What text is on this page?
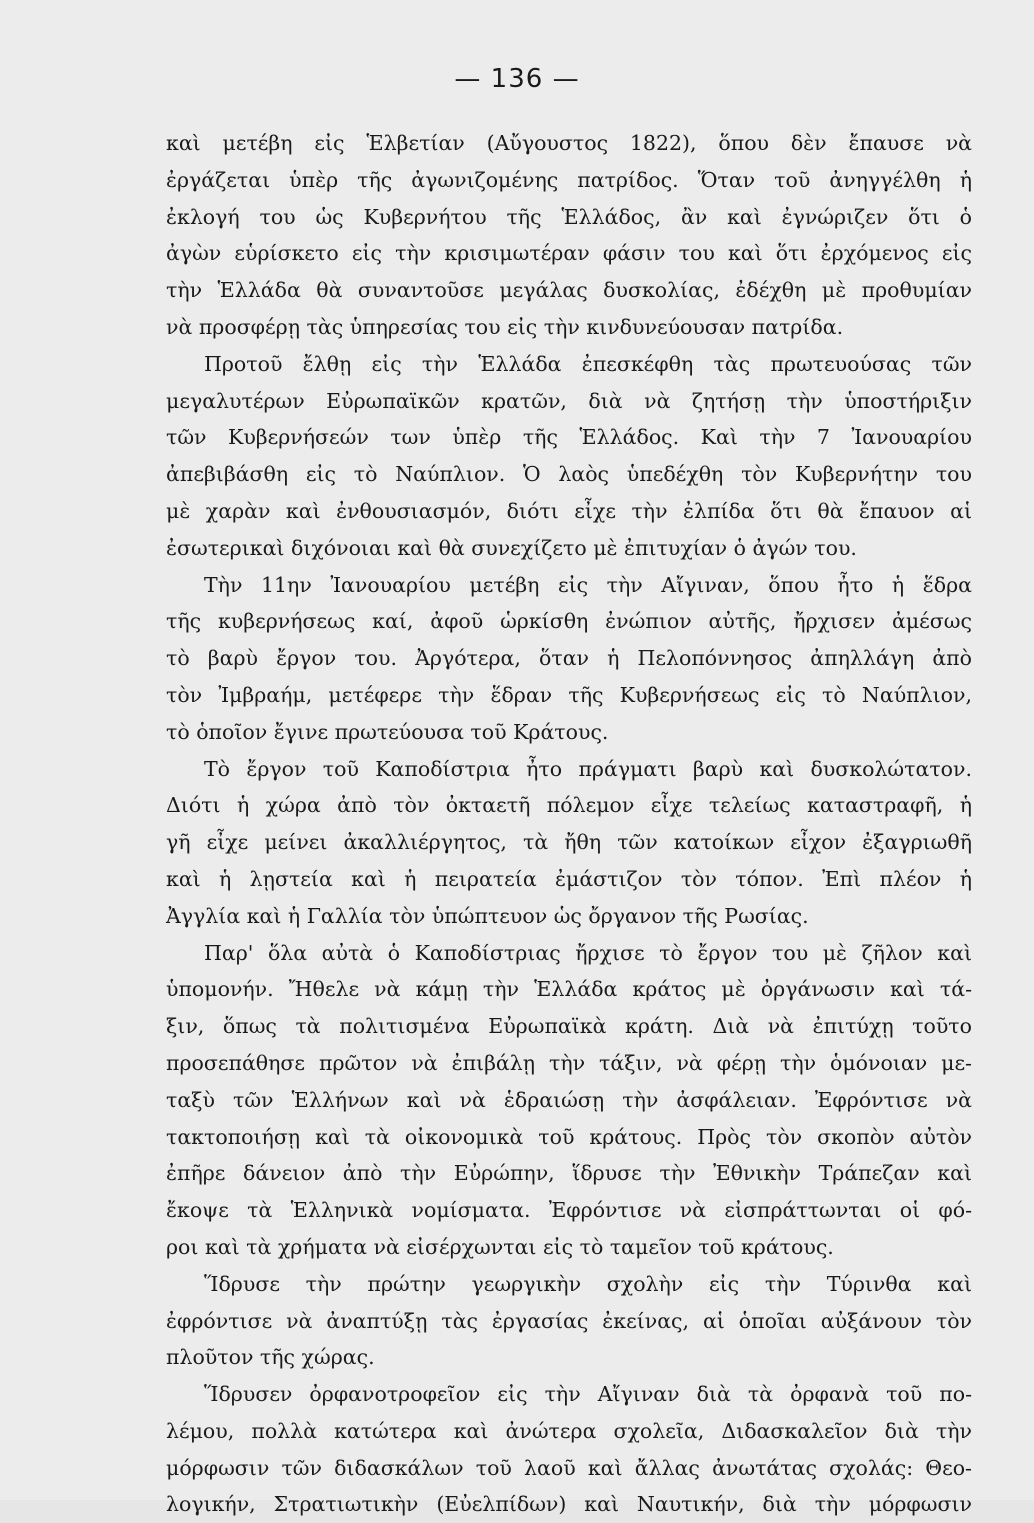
— 136 —
καὶ μετέβη εἰς Ἑλβετίαν (Αὔγουστος 1822), ὅπου δὲν ἔπαυσε νὰ
ἐργάζεται ὑπὲρ τῆς ἀγωνιζομένης πατρίδος. Ὅταν τοῦ ἀνηγγέλθη ἡ
ἐκλογή του ὡς Κυβερνήτου τῆς Ἑλλάδος, ἂν καὶ ἐγνώριζεν ὅτι ὁ
ἀγὼν εὑρίσκετο εἰς τὴν κρισιμωτέραν φάσιν του καὶ ὅτι ἐρχόμενος εἰς
τὴν Ἑλλάδα θὰ συναντοῦσε μεγάλας δυσκολίας, ἐδέχθη μὲ προθυμίαν
νὰ προσφέρῃ τὰς ὑπηρεσίας του εἰς τὴν κινδυνεύουσαν πατρίδα.
Προτοῦ ἔλθῃ εἰς τὴν Ἑλλάδα ἐπεσκέφθη τὰς πρωτευούσας τῶν
μεγαλυτέρων Εὐρωπαϊκῶν κρατῶν, διὰ νὰ ζητήσῃ τὴν ὑποστήριξιν
τῶν Κυβερνήσεών των ὑπὲρ τῆς Ἑλλάδος. Καὶ τὴν 7 Ἰανουαρίου
ἀπεβιβάσθη εἰς τὸ Ναύπλιον. Ὁ λαὸς ὑπεδέχθη τὸν Κυβερνήτην του
μὲ χαρὰν καὶ ἐνθουσιασμόν, διότι εἶχε τὴν ἐλπίδα ὅτι θὰ ἔπαυον αἱ
ἐσωτερικαὶ διχόνοιαι καὶ θὰ συνεχίζετο μὲ ἐπιτυχίαν ὁ ἀγών του.
Τὴν 11ην Ἰανουαρίου μετέβη εἰς τὴν Αἴγιναν, ὅπου ἦτο ἡ ἕδρα
τῆς κυβερνήσεως καί, ἀφοῦ ὡρκίσθη ἐνώπιον αὐτῆς, ἤρχισεν ἀμέσως
τὸ βαρὺ ἔργον του. Ἀργότερα, ὅταν ἡ Πελοπόννησος ἀπηλλάγη ἀπὸ
τὸν Ἰμβραήμ, μετέφερε τὴν ἕδραν τῆς Κυβερνήσεως εἰς τὸ Ναύπλιον,
τὸ ὁποῖον ἔγινε πρωτεύουσα τοῦ Κράτους.
Τὸ ἔργον τοῦ Καποδίστρια ἦτο πράγματι βαρὺ καὶ δυσκολώτατον.
Διότι ἡ χώρα ἀπὸ τὸν ὀκταετῆ πόλεμον εἶχε τελείως καταστραφῆ, ἡ
γῆ εἶχε μείνει ἀκαλλιέργητος, τὰ ἤθη τῶν κατοίκων εἶχον ἐξαγριωθῆ
καὶ ἡ λῃστεία καὶ ἡ πειρατεία ἐμάστιζον τὸν τόπον. Ἐπὶ πλέον ἡ
Ἀγγλία καὶ ἡ Γαλλία τὸν ὑπώπτευον ὡς ὄργανον τῆς Ρωσίας.
Παρ' ὅλα αὐτὰ ὁ Καποδίστριας ἤρχισε τὸ ἔργον του μὲ ζῆλον καὶ
ὑπομονήν. Ἤθελε νὰ κάμῃ τὴν Ἑλλάδα κράτος μὲ ὀργάνωσιν καὶ τά-
ξιν, ὅπως τὰ πολιτισμένα Εὐρωπαϊκὰ κράτη. Διὰ νὰ ἐπιτύχῃ τοῦτο
προσεπάθησε πρῶτον νὰ ἐπιβάλῃ τὴν τάξιν, νὰ φέρῃ τὴν ὁμόνοιαν με-
ταξὺ τῶν Ἑλλήνων καὶ νὰ ἑδραιώσῃ τὴν ἀσφάλειαν. Ἐφρόντισε νὰ
τακτοποιήσῃ καὶ τὰ οἰκονομικὰ τοῦ κράτους. Πρὸς τὸν σκοπὸν αὐτὸν
ἐπῆρε δάνειον ἀπὸ τὴν Εὐρώπην, ἵδρυσε τὴν Ἐθνικὴν Τράπεζαν καὶ
ἔκοψε τὰ Ἑλληνικὰ νομίσματα. Ἐφρόντισε νὰ εἰσπράττωνται οἱ φό-
ροι καὶ τὰ χρήματα νὰ εἰσέρχωνται εἰς τὸ ταμεῖον τοῦ κράτους.
Ἵδρυσε τὴν πρώτην γεωργικὴν σχολὴν εἰς τὴν Τύρινθα καὶ
ἐφρόντισε νὰ ἀναπτύξῃ τὰς ἐργασίας ἐκείνας, αἱ ὁποῖαι αὐξάνουν τὸν
πλοῦτον τῆς χώρας.
Ἵδρυσεν ὀρφανοτροφεῖον εἰς τὴν Αἴγιναν διὰ τὰ ὀρφανὰ τοῦ πο-
λέμου, πολλὰ κατώτερα καὶ ἀνώτερα σχολεῖα, Διδασκαλεῖον διὰ τὴν
μόρφωσιν τῶν διδασκάλων τοῦ λαοῦ καὶ ἄλλας ἀνωτάτας σχολάς: Θεο-
λογικήν, Στρατιωτικὴν (Εὐελπίδων) καὶ Ναυτικήν, διὰ τὴν μόρφωσιν
